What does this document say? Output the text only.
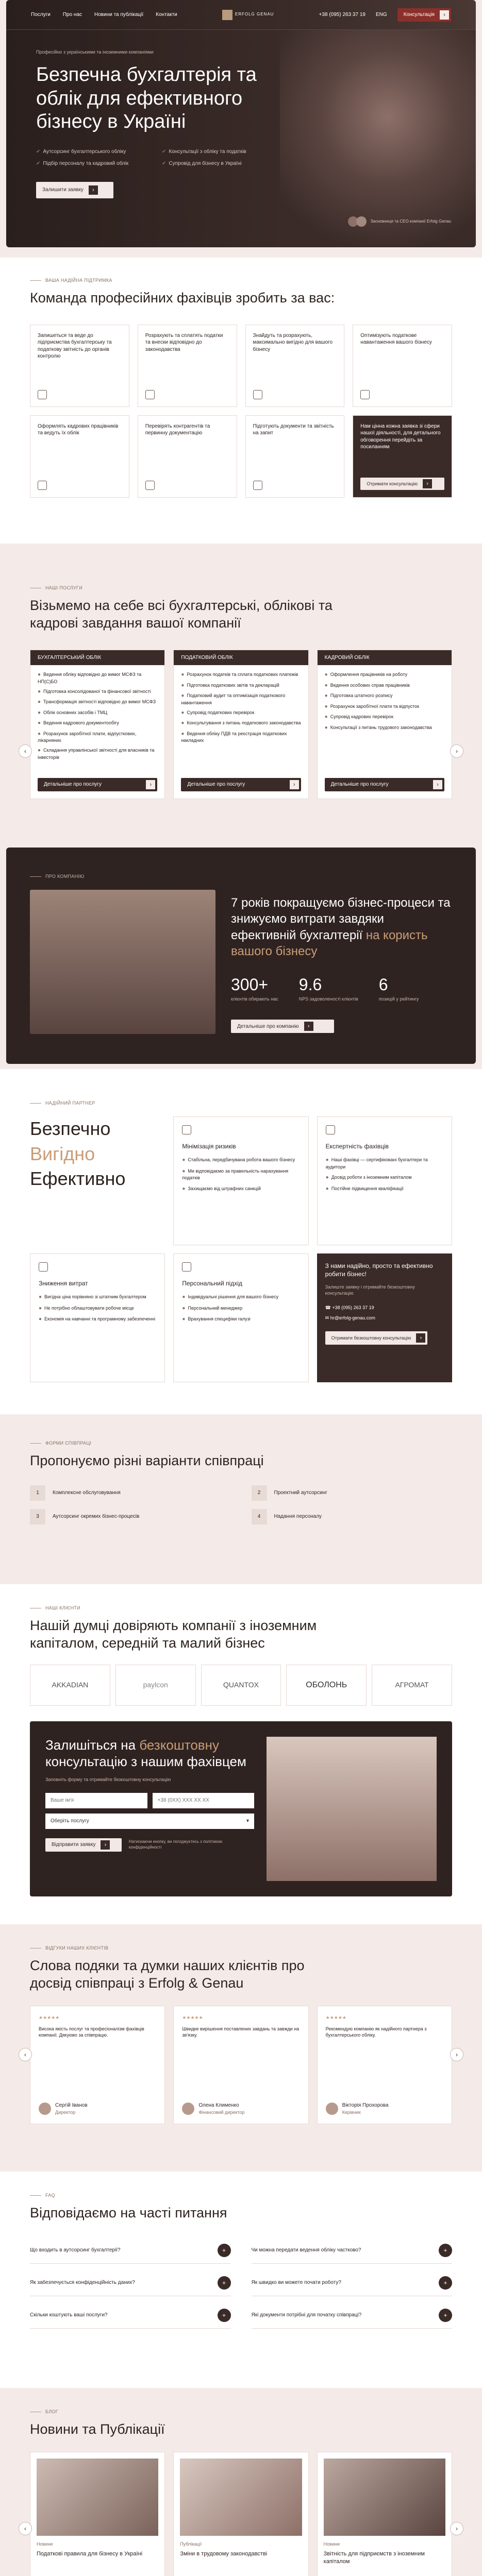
Послуги Про нас Новини та публікації Контакти	ERFOLG GENAU	+38 (095) 263 37 19 ENG	Консультація	›
Професійно з українськими та іноземними компаніями
Безпечна бухгалтерія та облік для ефективного бізнесу в Україні
✔ Аутсорсинг бухгалтерського обліку	✔ Консультації з обліку та податків
✔ Підбір персоналу та кадровий облік	✔ Супровід для бізнесу в Україні
Залишити заявку	›
Засновниця та СЕО компанії Erfolg Genau
ВАША НАДІЙНА ПІДТРИМКА
Команда професійних фахівців зробить за вас:
Запишеться та веде до підприємства бухгалтерську та податкову звітність до органів контролю
Розрахують та сплатять податки та внески відповідно до законодавства
Знайдуть та розрахують, максимально вигідно для вашого бізнесу
Оптимізують податкове навантаження вашого бізнесу
Оформлять кадрових працівників та ведуть їх облік
Перевірять контрагентів та первинну документацію
Підготують документи та звітність на запит
Нам цінна кожна заявка зі сфери нашої діяльності, для детального обговорення перейдіть за посиланням
Отримати консультацію	›
НАШІ ПОСЛУГИ
Візьмемо на себе всі бухгалтерські, облікові та кадрові завдання вашої компанії
БУХГАЛТЕРСЬКИЙ ОБЛІК
● Ведення обліку відповідно до вимог МСФЗ та НП(С)БО
● Підготовка консолідованої та фінансової звітності
● Трансформація звітності відповідно до вимог МСФЗ
● Облік основних засобів і ТМЦ
● Ведення кадрового документообігу
● Розрахунок заробітної плати, відпусткових, лікарняних
● Складання управлінської звітності для власників та інвесторів
Детальніше про послугу	›
ПОДАТКОВИЙ ОБЛІК
● Розрахунок податків та сплата податкових платежів
● Підготовка податкових звітів та декларацій
● Податковий аудит та оптимізація податкового навантаження
● Супровід податкових перевірок
● Консультування з питань податкового законодавства
● Ведення обліку ПДВ та реєстрація податкових накладних
Детальніше про послугу	›
КАДРОВИЙ ОБЛІК
● Оформлення працівників на роботу
● Ведення особових справ працівників
● Підготовка штатного розпису
● Розрахунок заробітної плати та відпусток
● Супровід кадрових перевірок
● Консультації з питань трудового законодавства
Детальніше про послугу	›
‹	›
ПРО КОМПАНІЮ
7 років покращуємо бізнес-процеси та знижуємо витрати завдяки ефективній бухгалтерії на користь вашого бізнесу
300+
клієнтів обирають нас
9.6
NPS задоволеності клієнтів
6
позицій у рейтингу
Детальніше про компанію	›
НАДІЙНИЙ ПАРТНЕР
Безпечно
Вигідно
Ефективно
Мінімізація ризиків
● Стабільна, передбачувана робота вашого бізнесу
● Ми відповідаємо за правильність нарахування податків
● Захищаємо від штрафних санкцій
Експертність фахівців
● Наші фахівці — сертифіковані бухгалтери та аудитори
● Досвід роботи з іноземним капіталом
● Постійне підвищення кваліфікації
Зниження витрат
● Вигідна ціна порівняно зі штатним бухгалтером
● Не потрібно облаштовувати робоче місце
● Економія на навчанні та програмному забезпеченні
Персональний підхід
● Індивідуальні рішення для вашого бізнесу
● Персональний менеджер
● Врахування специфіки галузі
З нами надійно, просто та ефективно робити бізнес!
Залиште заявку і отримайте безкоштовну консультацію
☎ +38 (095) 263 37 19
✉ hr@erfolg-genau.com
Отримати безкоштовну консультацію	›
ФОРМИ СПІВПРАЦІ
Пропонуємо різні варіанти співпраці
1	Комплексне обслуговування	2	Проектний аутсорсинг
3	Аутсорсинг окремих бізнес-процесів	4	Надання персоналу
НАШІ КЛІЄНТИ
Нашій думці довіряють компанії з іноземним капіталом, середній та малий бізнес
AKKADIAN	paylcon	QUANTOX	ОБОЛОНЬ	АГРОМАТ
Залишіться на безкоштовну консультацію з нашим фахівцем

Заповніть форму та отримайте безкоштовну консультацію

Ваше ім'я
+38 (0XX) XXX XX XX
Оберіть послугу	▾
Відправити заявку	›
Натискаючи кнопку, ви погоджуєтесь з політикою конфіденційності
ВІДГУКИ НАШИХ КЛІЄНТІВ
Слова подяки та думки наших клієнтів про досвід співпраці з Erfolg & Genau
★★★★★

Висока якість послуг та професіоналізм фахівців компанії. Дякуємо за співпрацю.

Сергій Іванов
Директор
★★★★★

Швидке вирішення поставлених завдань та завжди на зв'язку.

Олена Клименко
Фінансовий директор
★★★★★

Рекомендую компанію як надійного партнера з бухгалтерського обліку.

Вікторія Прохорова
Керівник
‹	›
FAQ
Відповідаємо на часті питання
Що входить в аутсорсинг бухгалтерії?	+	Чи можна передати ведення обліку частково?	+
Як забезпечується конфіденційність даних?	+	Як швидко ви можете почати роботу?	+
Скільки коштують ваші послуги?	+	Які документи потрібні для початку співпраці?	+
БЛОГ
Новини та Публікації
Новини
Податкові правила для бізнесу в Україні
Публікації
Зміни в трудовому законодавстві
Новини
Звітність для підприємств з іноземним капіталом
‹	›
